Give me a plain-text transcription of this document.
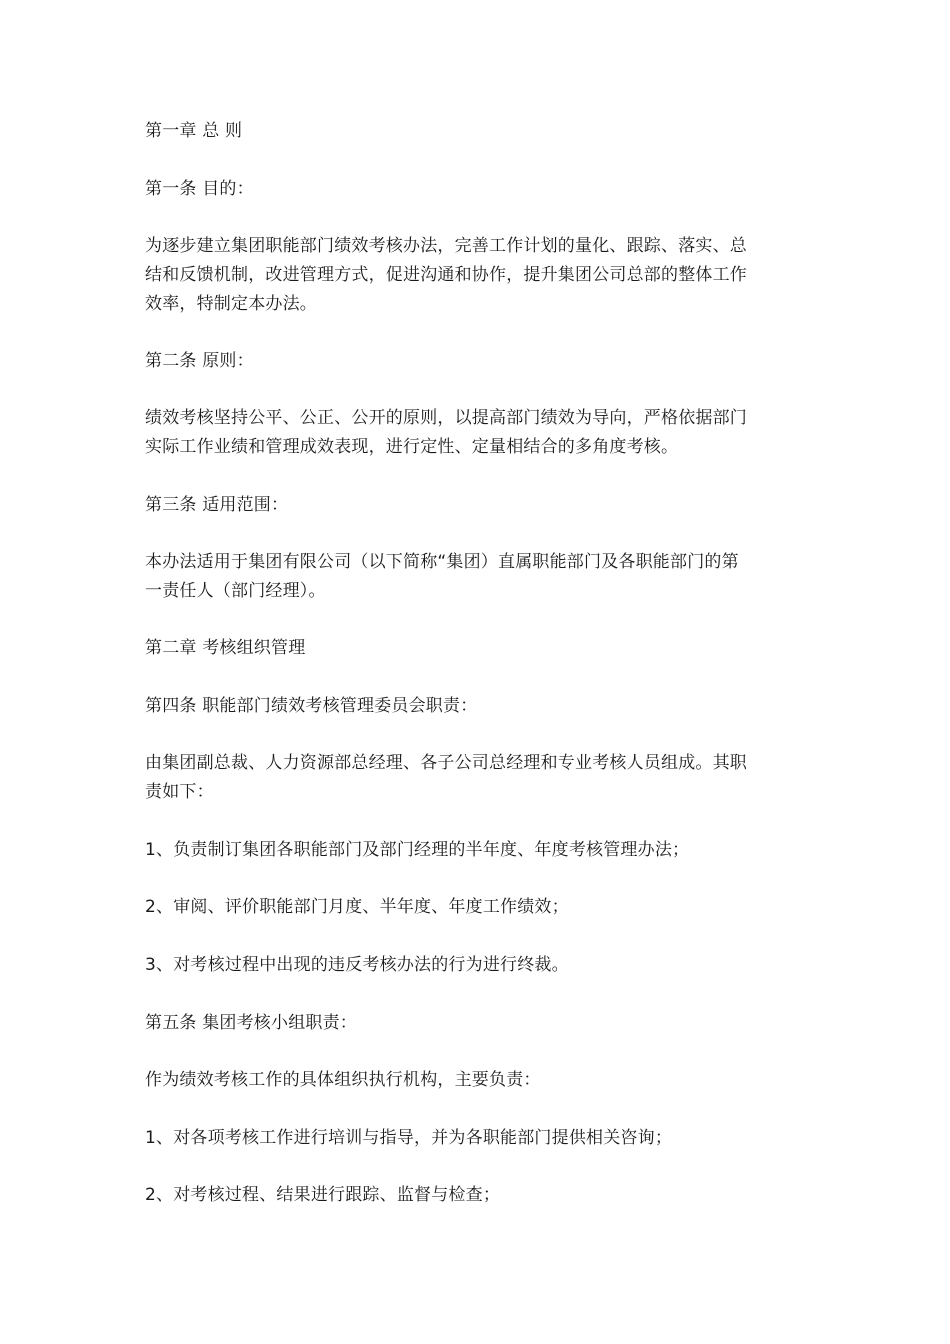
第一章 总 则
第一条 目的：
为逐步建立集团职能部门绩效考核办法，完善工作计划的量化、跟踪、落实、总
结和反馈机制，改进管理方式，促进沟通和协作，提升集团公司总部的整体工作
效率，特制定本办法。
第二条 原则：
绩效考核坚持公平、公正、公开的原则，以提高部门绩效为导向，严格依据部门
实际工作业绩和管理成效表现，进行定性、定量相结合的多角度考核。
第三条 适用范围：
本办法适用于集团有限公司（以下简称“集团）直属职能部门及各职能部门的第
一责任人（部门经理）。
第二章 考核组织管理
第四条 职能部门绩效考核管理委员会职责：
由集团副总裁、人力资源部总经理、各子公司总经理和专业考核人员组成。其职
责如下：
1、负责制订集团各职能部门及部门经理的半年度、年度考核管理办法；
2、审阅、评价职能部门月度、半年度、年度工作绩效；
3、对考核过程中出现的违反考核办法的行为进行终裁。
第五条 集团考核小组职责：
作为绩效考核工作的具体组织执行机构，主要负责：
1、对各项考核工作进行培训与指导，并为各职能部门提供相关咨询；
2、对考核过程、结果进行跟踪、监督与检查；
